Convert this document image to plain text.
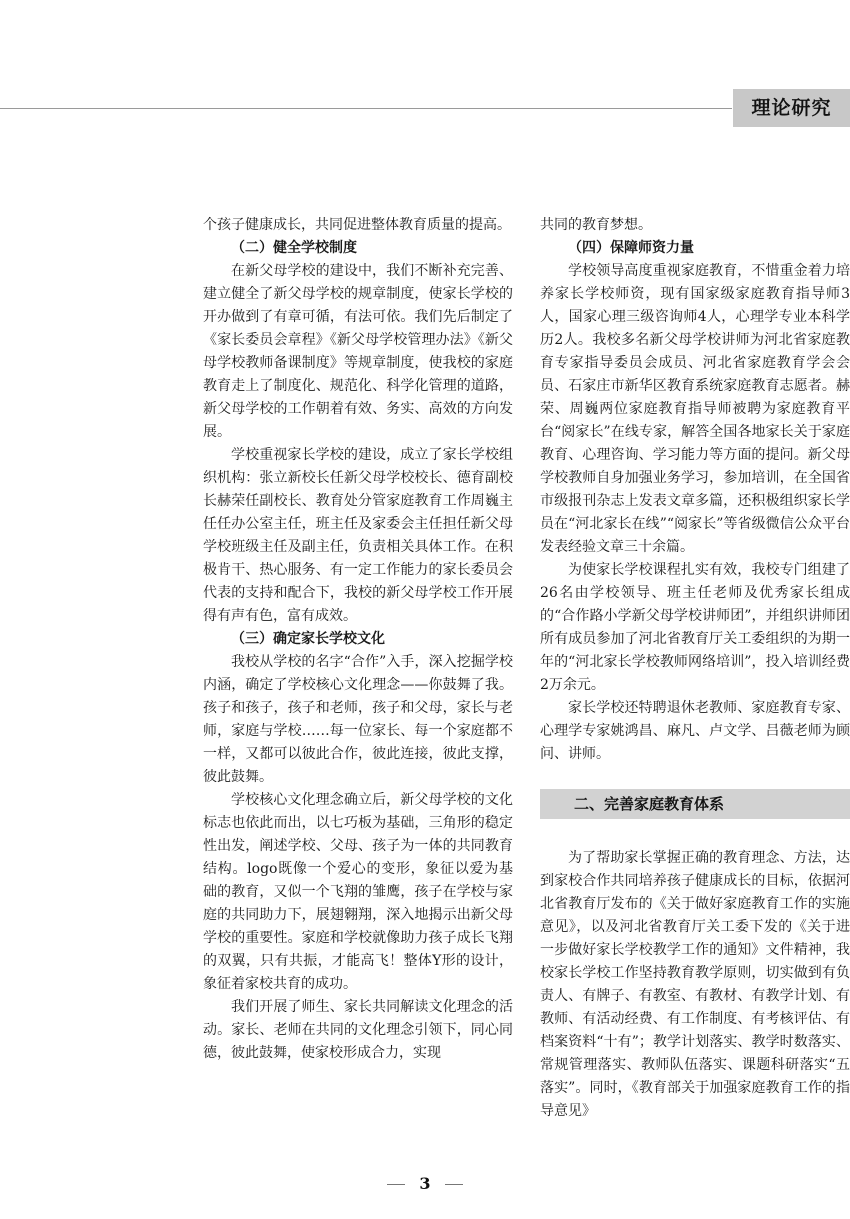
理论研究

个孩子健康成长，共同促进整体教育质量的提高。

（二）健全学校制度

在新父母学校的建设中，我们不断补充完善、建立健全了新父母学校的规章制度，使家长学校的开办做到了有章可循，有法可依。我们先后制定了《家长委员会章程》《新父母学校管理办法》《新父母学校教师备课制度》等规章制度，使我校的家庭教育走上了制度化、规范化、科学化管理的道路，新父母学校的工作朝着有效、务实、高效的方向发展。

学校重视家长学校的建设，成立了家长学校组织机构：张立新校长任新父母学校校长、德育副校长赫荣任副校长、教育处分管家庭教育工作周巍主任任办公室主任，班主任及家委会主任担任新父母学校班级主任及副主任，负责相关具体工作。在积极肯干、热心服务、有一定工作能力的家长委员会代表的支持和配合下，我校的新父母学校工作开展得有声有色，富有成效。

（三）确定家长学校文化

我校从学校的名字“合作”入手，深入挖掘学校内涵，确定了学校核心文化理念——你鼓舞了我。孩子和孩子，孩子和老师，孩子和父母，家长与老师，家庭与学校……每一位家长、每一个家庭都不一样，又都可以彼此合作，彼此连接，彼此支撑，彼此鼓舞。

学校核心文化理念确立后，新父母学校的文化标志也依此而出，以七巧板为基础，三角形的稳定性出发，阐述学校、父母、孩子为一体的共同教育结构。logo既像一个爱心的变形，象征以爱为基础的教育，又似一个飞翔的雏鹰，孩子在学校与家庭的共同助力下，展翅翱翔，深入地揭示出新父母学校的重要性。家庭和学校就像助力孩子成长飞翔的双翼，只有共振，才能高飞！整体Y形的设计，象征着家校共育的成功。

我们开展了师生、家长共同解读文化理念的活动。家长、老师在共同的文化理念引领下，同心同德，彼此鼓舞，使家校形成合力，实现

共同的教育梦想。

（四）保障师资力量

学校领导高度重视家庭教育，不惜重金着力培养家长学校师资，现有国家级家庭教育指导师3人，国家心理三级咨询师4人，心理学专业本科学历2人。我校多名新父母学校讲师为河北省家庭教育专家指导委员会成员、河北省家庭教育学会会员、石家庄市新华区教育系统家庭教育志愿者。赫荣、周巍两位家庭教育指导师被聘为家庭教育平台“阅家长”在线专家，解答全国各地家长关于家庭教育、心理咨询、学习能力等方面的提问。新父母学校教师自身加强业务学习，参加培训，在全国省市级报刊杂志上发表文章多篇，还积极组织家长学员在“河北家长在线”“阅家长”等省级微信公众平台发表经验文章三十余篇。

为使家长学校课程扎实有效，我校专门组建了26名由学校领导、班主任老师及优秀家长组成的“合作路小学新父母学校讲师团”，并组织讲师团所有成员参加了河北省教育厅关工委组织的为期一年的“河北家长学校教师网络培训”，投入培训经费2万余元。

家长学校还特聘退休老教师、家庭教育专家、心理学专家姚鸿昌、麻凡、卢文学、吕薇老师为顾问、讲师。

二、完善家庭教育体系

为了帮助家长掌握正确的教育理念、方法，达到家校合作共同培养孩子健康成长的目标，依据河北省教育厅发布的《关于做好家庭教育工作的实施意见》，以及河北省教育厅关工委下发的《关于进一步做好家长学校教学工作的通知》文件精神，我校家长学校工作坚持教育教学原则，切实做到有负责人、有牌子、有教室、有教材、有教学计划、有教师、有活动经费、有工作制度、有考核评估、有档案资料“十有”；教学计划落实、教学时数落实、常规管理落实、教师队伍落实、课题科研落实“五落实”。同时，《教育部关于加强家庭教育工作的指导意见》

3
